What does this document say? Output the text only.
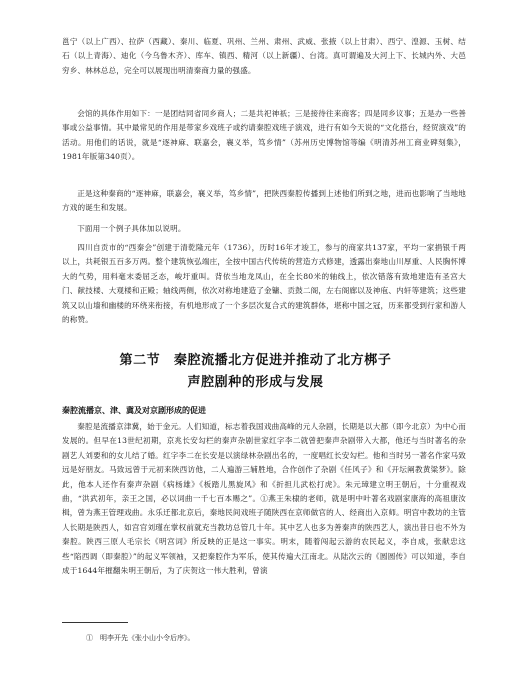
邕宁（以上广西）、拉萨（西藏）、秦川、临夏、巩州、兰州、肃州、武威、张掖（以上甘肃）、西宁、湟源、玉树、结石（以上青海）、迪化（今乌鲁木齐）、库车、镇西、精河（以上新疆）、台湾。真可谓遍及大河上下、长城内外、大邑穷乡、林林总总，完全可以展现出明清秦商力量的强盛。

会馆的具体作用如下：一是团结同省同乡商人；二是共祀神祇；三是接待往来商客；四是同乡议事；五是办一些善事或公益事情。其中最常见的作用是带家乡戏班子或约请秦腔戏班子演戏，进行有如今天说的“文化搭台，经贸演戏”的活动。用他们的话说，就是“逐神麻、联嘉会，襄义举，笃乡情”（苏州历史博物馆等编《明清苏州工商业碑刻集》，1981年版第340页）。

正是这种秦商的“逐神麻，联嘉会，襄义举，笃乡情”，把陕西秦腔传播到上述他们所到之地，进而也影响了当地地方戏的诞生和发展。

下面用一个例子具体加以说明。

四川自贡市的“西秦会”创建于清乾隆元年（1736），历时16年才竣工，参与的商家共137家，平均一家捐银千两以上，共耗银五百多万两。整个建筑恢弘端庄，全按中国古代传统的营造方式修建，透露出秦地山川厚重、人民胸怀博大的气势，用料毫末委屈乏态，峻圩重叫。背依当地龙凤山，在全长80米的轴线上，依次错落有致地建造有圣宫大门、献技楼、大观楼和正殿；轴线两侧，依次对称地建造了金镛、贡鼓二阁，左右阁廊以及神庖、内轩等建筑；这些建筑又以山墙和幽楼的环绕来衔接，有机地形成了一个多层次复合式的建筑群体，堪称中国之冠，历来都受到行家和游人的称赞。

第二节　秦腔流播北方促进并推动了北方梆子
声腔剧种的形成与发展
秦腔流播京、津、冀及对京剧形成的促进

秦腔是流播京津冀，始于金元。人们知道，标志着我国戏曲高峰的元人杂剧，长期是以大都（即今北京）为中心而发展的。但早在13世纪初期，京兆长安勾栏的秦声杂剧世家红字李二就曾把秦声杂剧带入大都，他还与当时著名的杂剧艺人刘要和的女儿结了婚。红字李二在长安是以演绿林杂剧出名的，一度唱红长安勾栏。他和当时另一著名作家马致远是好朋友。马致远曾于元初来陕西访他，二人遍游三辅胜地，合作创作了杂剧《任风子》和《开坛阐教黄粱梦》。除此，他本人还作有秦声杂剧《病杨雄》《板踏儿黑旋风》和《折担儿武松打虎》。朱元璋建立明王朝后，十分重视戏曲，“洪武初年，亲王之国，必以词曲一千七百本赐之”。①燕王朱棣的老师，就是明中叶著名戏剧家康海的高祖康汝楫，曾为燕王管理戏曲。永乐迁都北京后，秦地民间戏班子随陕西在京师做官的人、经商出入京师。明宫中教坊的主管人长期是陕西人，如宫官刘瑾在掌权前就充当教坊总管几十年。其中艺人也多为善秦声的陕西艺人，演出昔日也不外为秦腔。陕西三原人毛宗长《明宫词》所反映的正是这一事实。明末，随着闯起云游的农民起义，李自成，张献忠这些“陷西调（即秦腔）”的起义军领袖，又把秦腔作为军乐，使其传遍大江南北。从陆次云的《圆圆传》可以知道，李自成于1644年摧翻朱明王朝后，为了庆贺这一伟大胜利，曾演

①　明李开先《张小山小令后序》。
